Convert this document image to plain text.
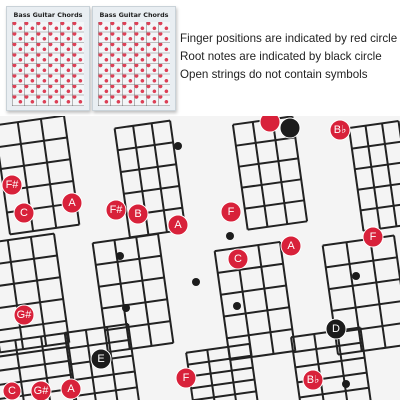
Bass Guitar Chords	Bass Guitar Chords
Finger positions are indicated by red circle
Root notes are indicated by black circle
Open strings do not contain symbols
F#
C
A
F# B
A
F
C
A
F
G#
G# A
F	B♭
C
B♭
E
D
